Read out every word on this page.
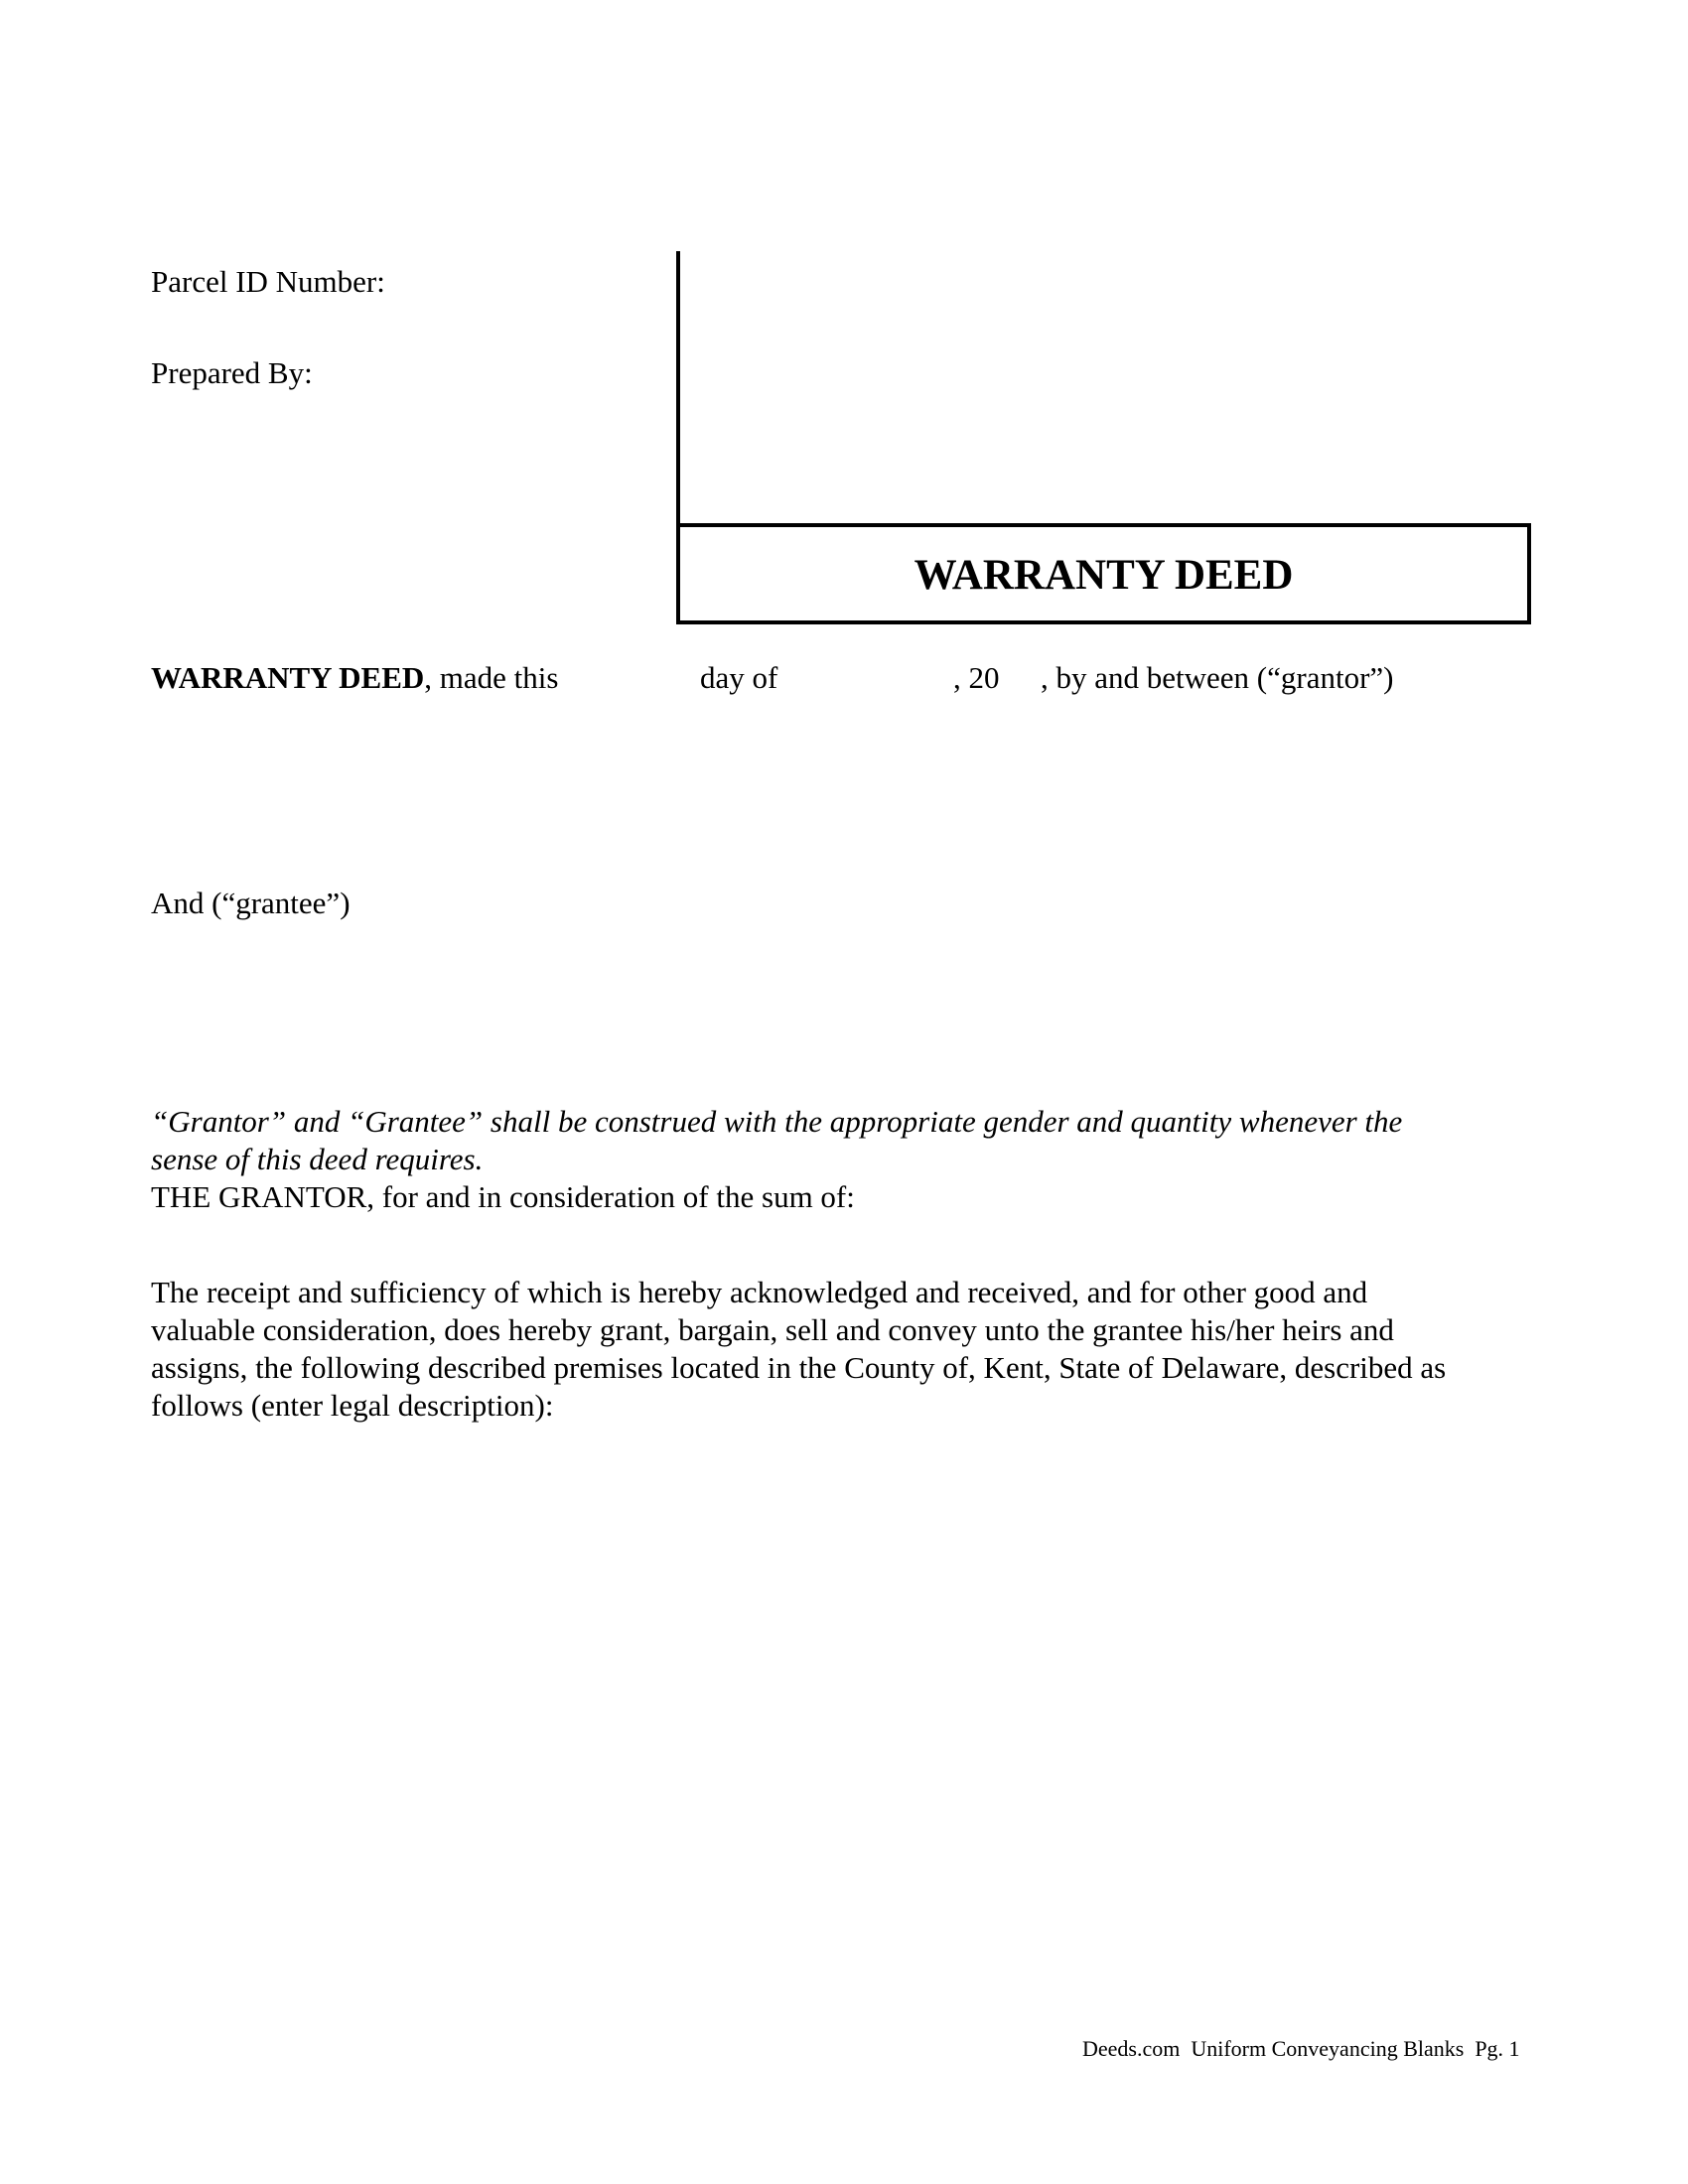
Parcel ID Number:
Prepared By:
WARRANTY DEED
WARRANTY DEED, made this	day of	, 20 , by and between (“grantor”)
And (“grantee”)
“Grantor” and “Grantee” shall be construed with the appropriate gender and quantity whenever the
sense of this deed requires.
THE GRANTOR, for and in consideration of the sum of:
The receipt and sufficiency of which is hereby acknowledged and received, and for other good and
valuable consideration, does hereby grant, bargain, sell and convey unto the grantee his/her heirs and
assigns, the following described premises located in the County of, Kent, State of Delaware, described as
follows (enter legal description):
Deeds.com  Uniform Conveyancing Blanks  Pg. 1
